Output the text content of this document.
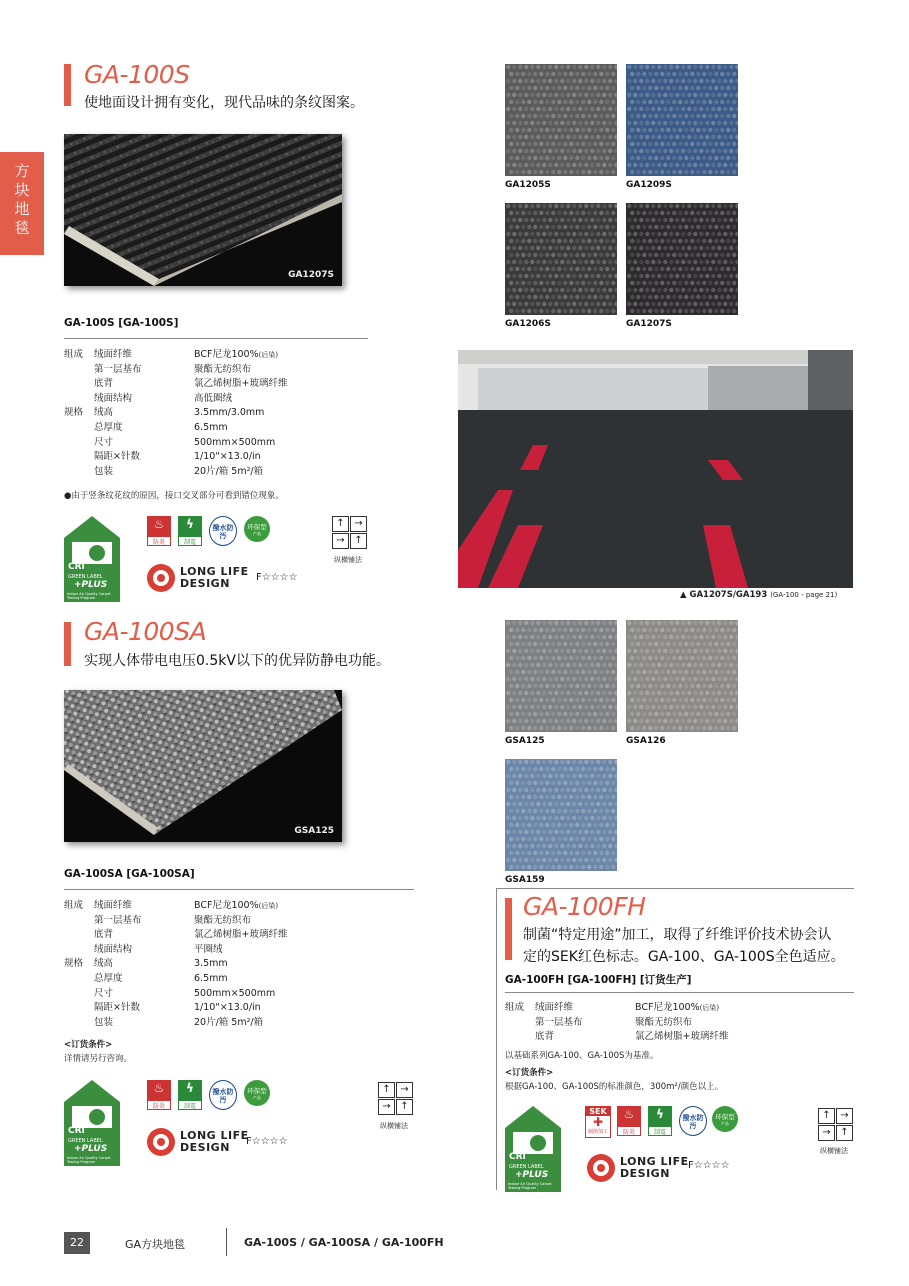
方
块
地
毯
GA-100S
使地面设计拥有变化，现代品味的条纹图案。
GA1207S
GA-100S [GA-100S]
组成	绒面纤维	BCF尼龙100%(后染)
	第一层基布	聚酯无纺织布
	底背	氯乙烯树脂+玻璃纤维
	绒面结构	高低圈绒
规格	绒高	3.5mm/3.0mm
	总厚度	6.5mm
	尺寸	500mm×500mm
	隔距×针数	1/10"×13.0/in
	包装	20片/箱 5m²/箱
●由于竖条纹花纹的原因，接口交叉部分可看到错位现象。
CRI
GREEN LABEL
+PLUS
Indoor Air Quality Carpet Testing Program
♨
防炎
ϟ
制電
撥水防汚
环保型
产品
LONG LIFE
DESIGN	F☆☆☆☆
↑ →
→ ↑
纵横铺法
GA1205S	GA1209S
GA1206S	GA1207S
▲ GA1207S/GA193 (GA-100 - page 21)
GA-100SA
实现人体带电电压0.5kV以下的优异防静电功能。
GSA125
GA-100SA [GA-100SA]
组成	绒面纤维	BCF尼龙100%(后染)
	第一层基布	聚酯无纺织布
	底背	氯乙烯树脂+玻璃纤维
	绒面结构	平圈绒
规格	绒高	3.5mm
	总厚度	6.5mm
	尺寸	500mm×500mm
	隔距×针数	1/10"×13.0/in
	包装	20片/箱 5m²/箱
<订货条件>
详情请另行咨询。
CRI
GREEN LABEL
+PLUS
Indoor Air Quality Carpet Testing Program
♨
防炎
ϟ
制電
撥水防汚
环保型
产品
LONG LIFE
DESIGN	F☆☆☆☆
↑ →
→ ↑
纵横铺法
GSA125	GSA126
GSA159
GA-100FH
制菌“特定用途”加工，取得了纤维评价技术协会认
定的SEK红色标志。GA-100、GA-100S全色适应。
GA-100FH [GA-100FH] [订货生产]
组成	绒面纤维	BCF尼龙100%(后染)
	第一层基布	聚酯无纺织布
	底背	氯乙烯树脂+玻璃纤维
以基础系列GA-100、GA-100S为基准。
<订货条件>
根据GA-100、GA-100S的标准颜色，300m²/颜色以上。
CRI
GREEN LABEL
+PLUS
Indoor Air Quality Carpet Testing Program
SEK
✚
制菌加工
♨
防炎
ϟ
制電
撥水防汚
环保型
产品
LONG LIFE
DESIGN
F☆☆☆☆
↑ →
→ ↑
纵横铺法
22	GA方块地毯	GA-100S / GA-100SA / GA-100FH
